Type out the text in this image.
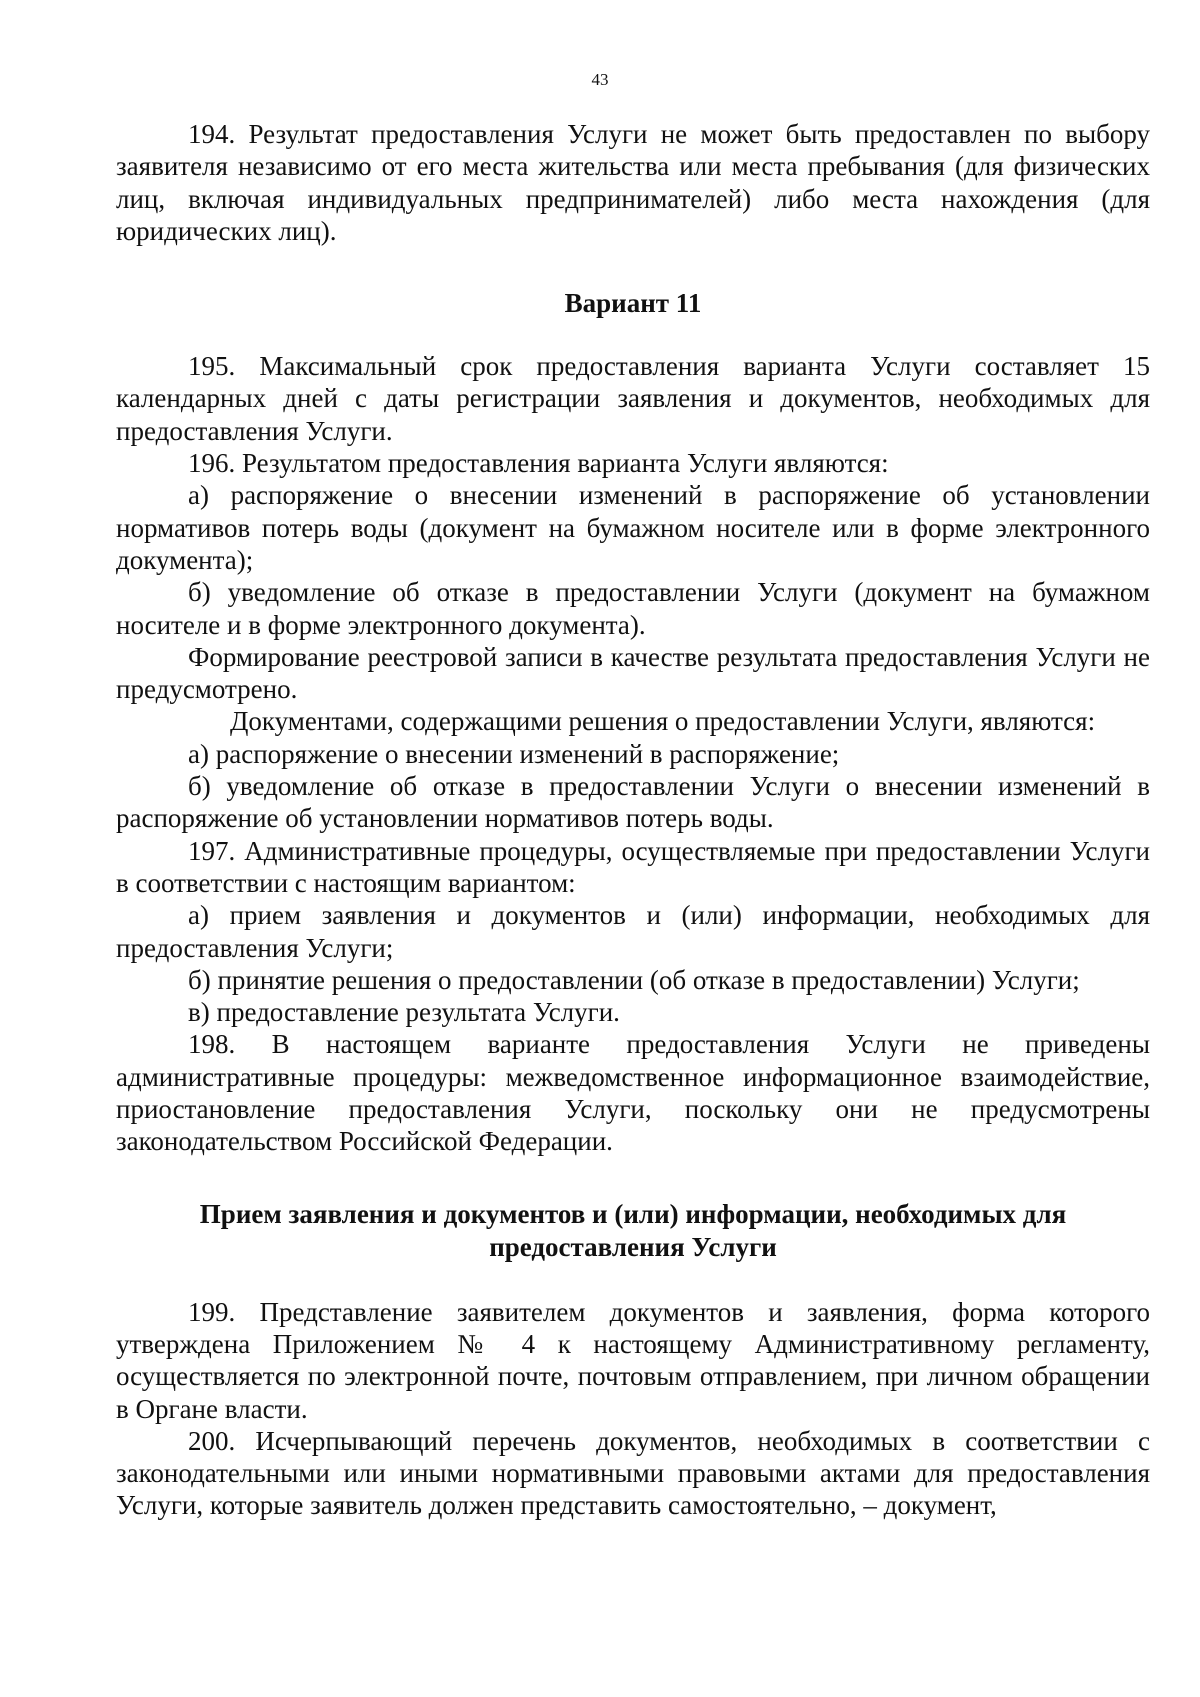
43

194. Результат предоставления Услуги не может быть предоставлен по выбору заявителя независимо от его места жительства или места пребывания (для физических лиц, включая индивидуальных предпринимателей) либо места нахождения (для юридических лиц).

Вариант 11

195. Максимальный срок предоставления варианта Услуги составляет 15 календарных дней с даты регистрации заявления и документов, необходимых для предоставления Услуги.

196. Результатом предоставления варианта Услуги являются:

а) распоряжение о внесении изменений в распоряжение об установлении нормативов потерь воды (документ на бумажном носителе или в форме электронного документа);

б) уведомление об отказе в предоставлении Услуги (документ на бумажном носителе и в форме электронного документа).

Формирование реестровой записи в качестве результата предоставления Услуги не предусмотрено.

Документами, содержащими решения о предоставлении Услуги, являются:

а) распоряжение о внесении изменений в распоряжение;

б) уведомление об отказе в предоставлении Услуги о внесении изменений в распоряжение об установлении нормативов потерь воды.

197. Административные процедуры, осуществляемые при предоставлении Услуги в соответствии с настоящим вариантом:

а) прием заявления и документов и (или) информации, необходимых для предоставления Услуги;

б) принятие решения о предоставлении (об отказе в предоставлении) Услуги;

в) предоставление результата Услуги.

198. В настоящем варианте предоставления Услуги не приведены административные процедуры: межведомственное информационное взаимодействие, приостановление предоставления Услуги, поскольку они не предусмотрены законодательством Российской Федерации.

Прием заявления и документов и (или) информации, необходимых для предоставления Услуги

199. Представление заявителем документов и заявления, форма которого утверждена Приложением № 4 к настоящему Административному регламенту, осуществляется по электронной почте, почтовым отправлением, при личном обращении в Органе власти.

200. Исчерпывающий перечень документов, необходимых в соответствии с законодательными или иными нормативными правовыми актами для предоставления Услуги, которые заявитель должен представить самостоятельно, – документ,
